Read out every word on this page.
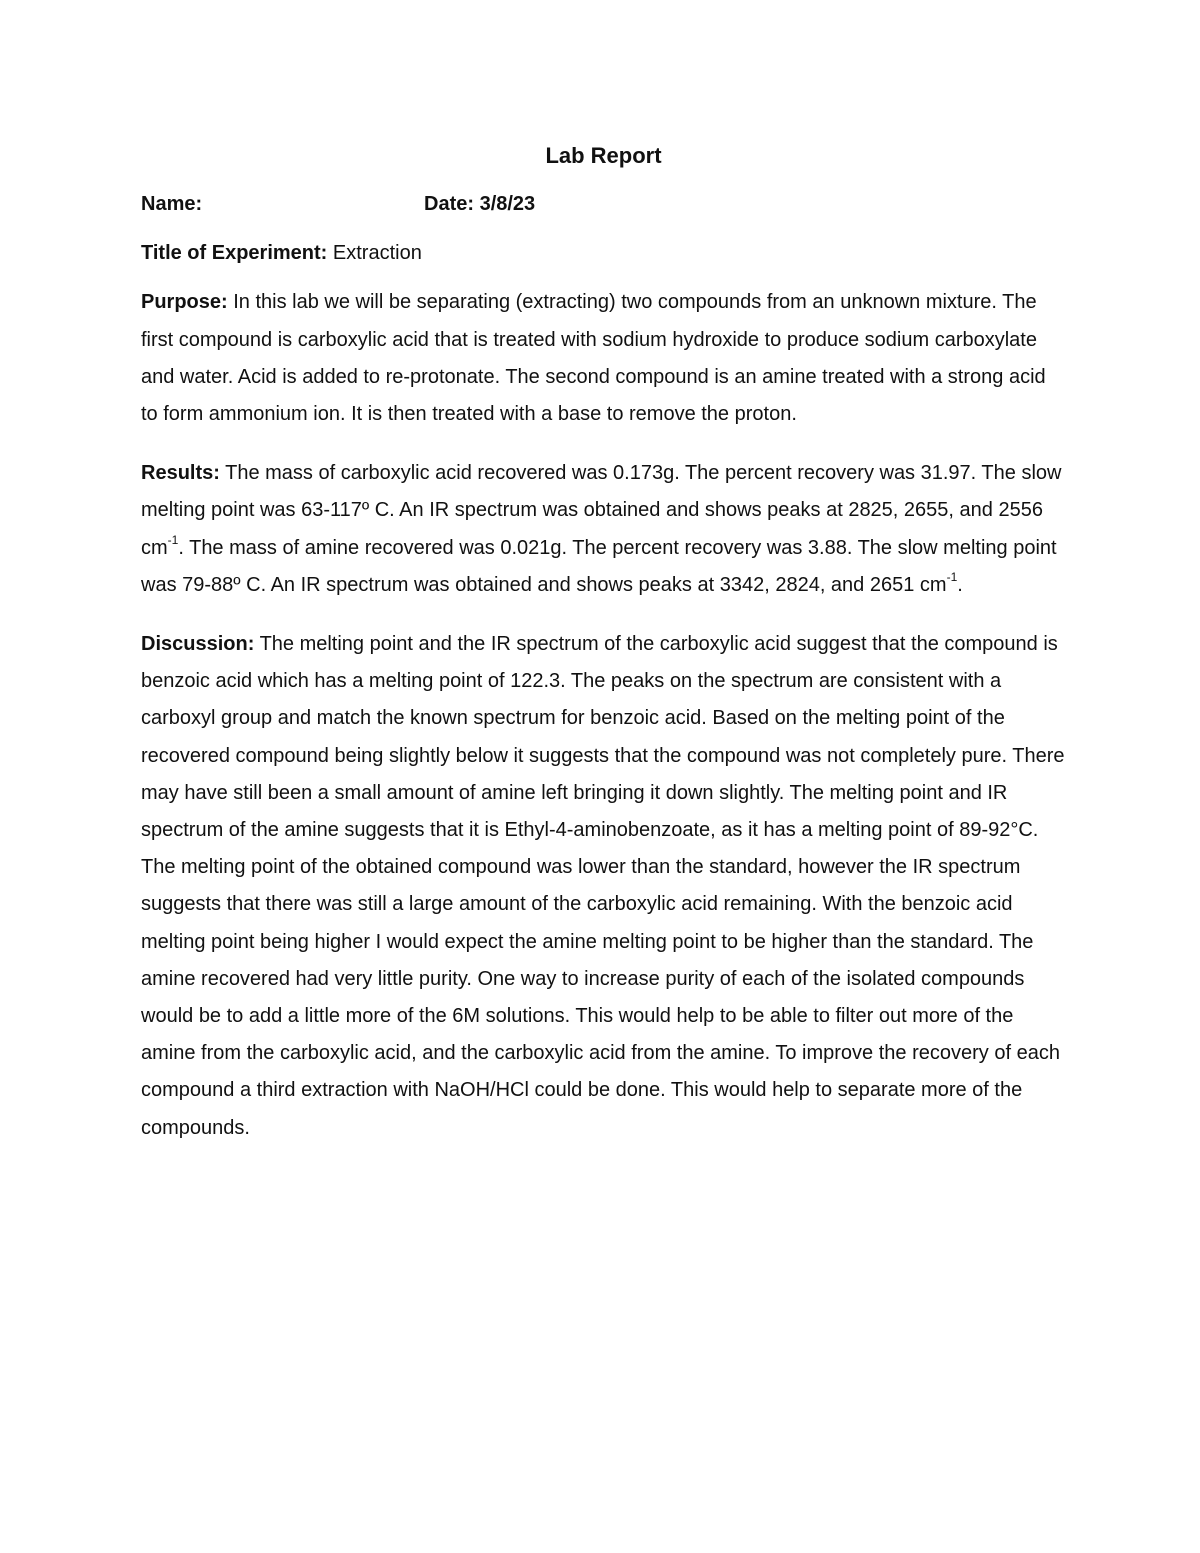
Lab Report
Name:	Date: 3/8/23
Title of Experiment: Extraction
Purpose: In this lab we will be separating (extracting) two compounds from an unknown mixture. The first compound is carboxylic acid that is treated with sodium hydroxide to produce sodium carboxylate and water. Acid is added to re-protonate. The second compound is an amine treated with a strong acid to form ammonium ion. It is then treated with a base to remove the proton.
Results: The mass of carboxylic acid recovered was 0.173g. The percent recovery was 31.97. The slow melting point was 63-117º C. An IR spectrum was obtained and shows peaks at 2825, 2655, and 2556 $cm^{-1}$. The mass of amine recovered was 0.021g. The percent recovery was 3.88. The slow melting point was 79-88º C. An IR spectrum was obtained and shows peaks at 3342, 2824, and 2651 $cm^{-1}$.
Discussion: The melting point and the IR spectrum of the carboxylic acid suggest that the compound is benzoic acid which has a melting point of 122.3. The peaks on the spectrum are consistent with a carboxyl group and match the known spectrum for benzoic acid. Based on the melting point of the recovered compound being slightly below it suggests that the compound was not completely pure. There may have still been a small amount of amine left bringing it down slightly. The melting point and IR spectrum of the amine suggests that it is Ethyl-4-aminobenzoate, as it has a melting point of 89-92°C. The melting point of the obtained compound was lower than the standard, however the IR spectrum suggests that there was still a large amount of the carboxylic acid remaining. With the benzoic acid melting point being higher I would expect the amine melting point to be higher than the standard. The amine recovered had very little purity. One way to increase purity of each of the isolated compounds would be to add a little more of the 6M solutions. This would help to be able to filter out more of the amine from the carboxylic acid, and the carboxylic acid from the amine. To improve the recovery of each compound a third extraction with NaOH/HCl could be done. This would help to separate more of the compounds.
